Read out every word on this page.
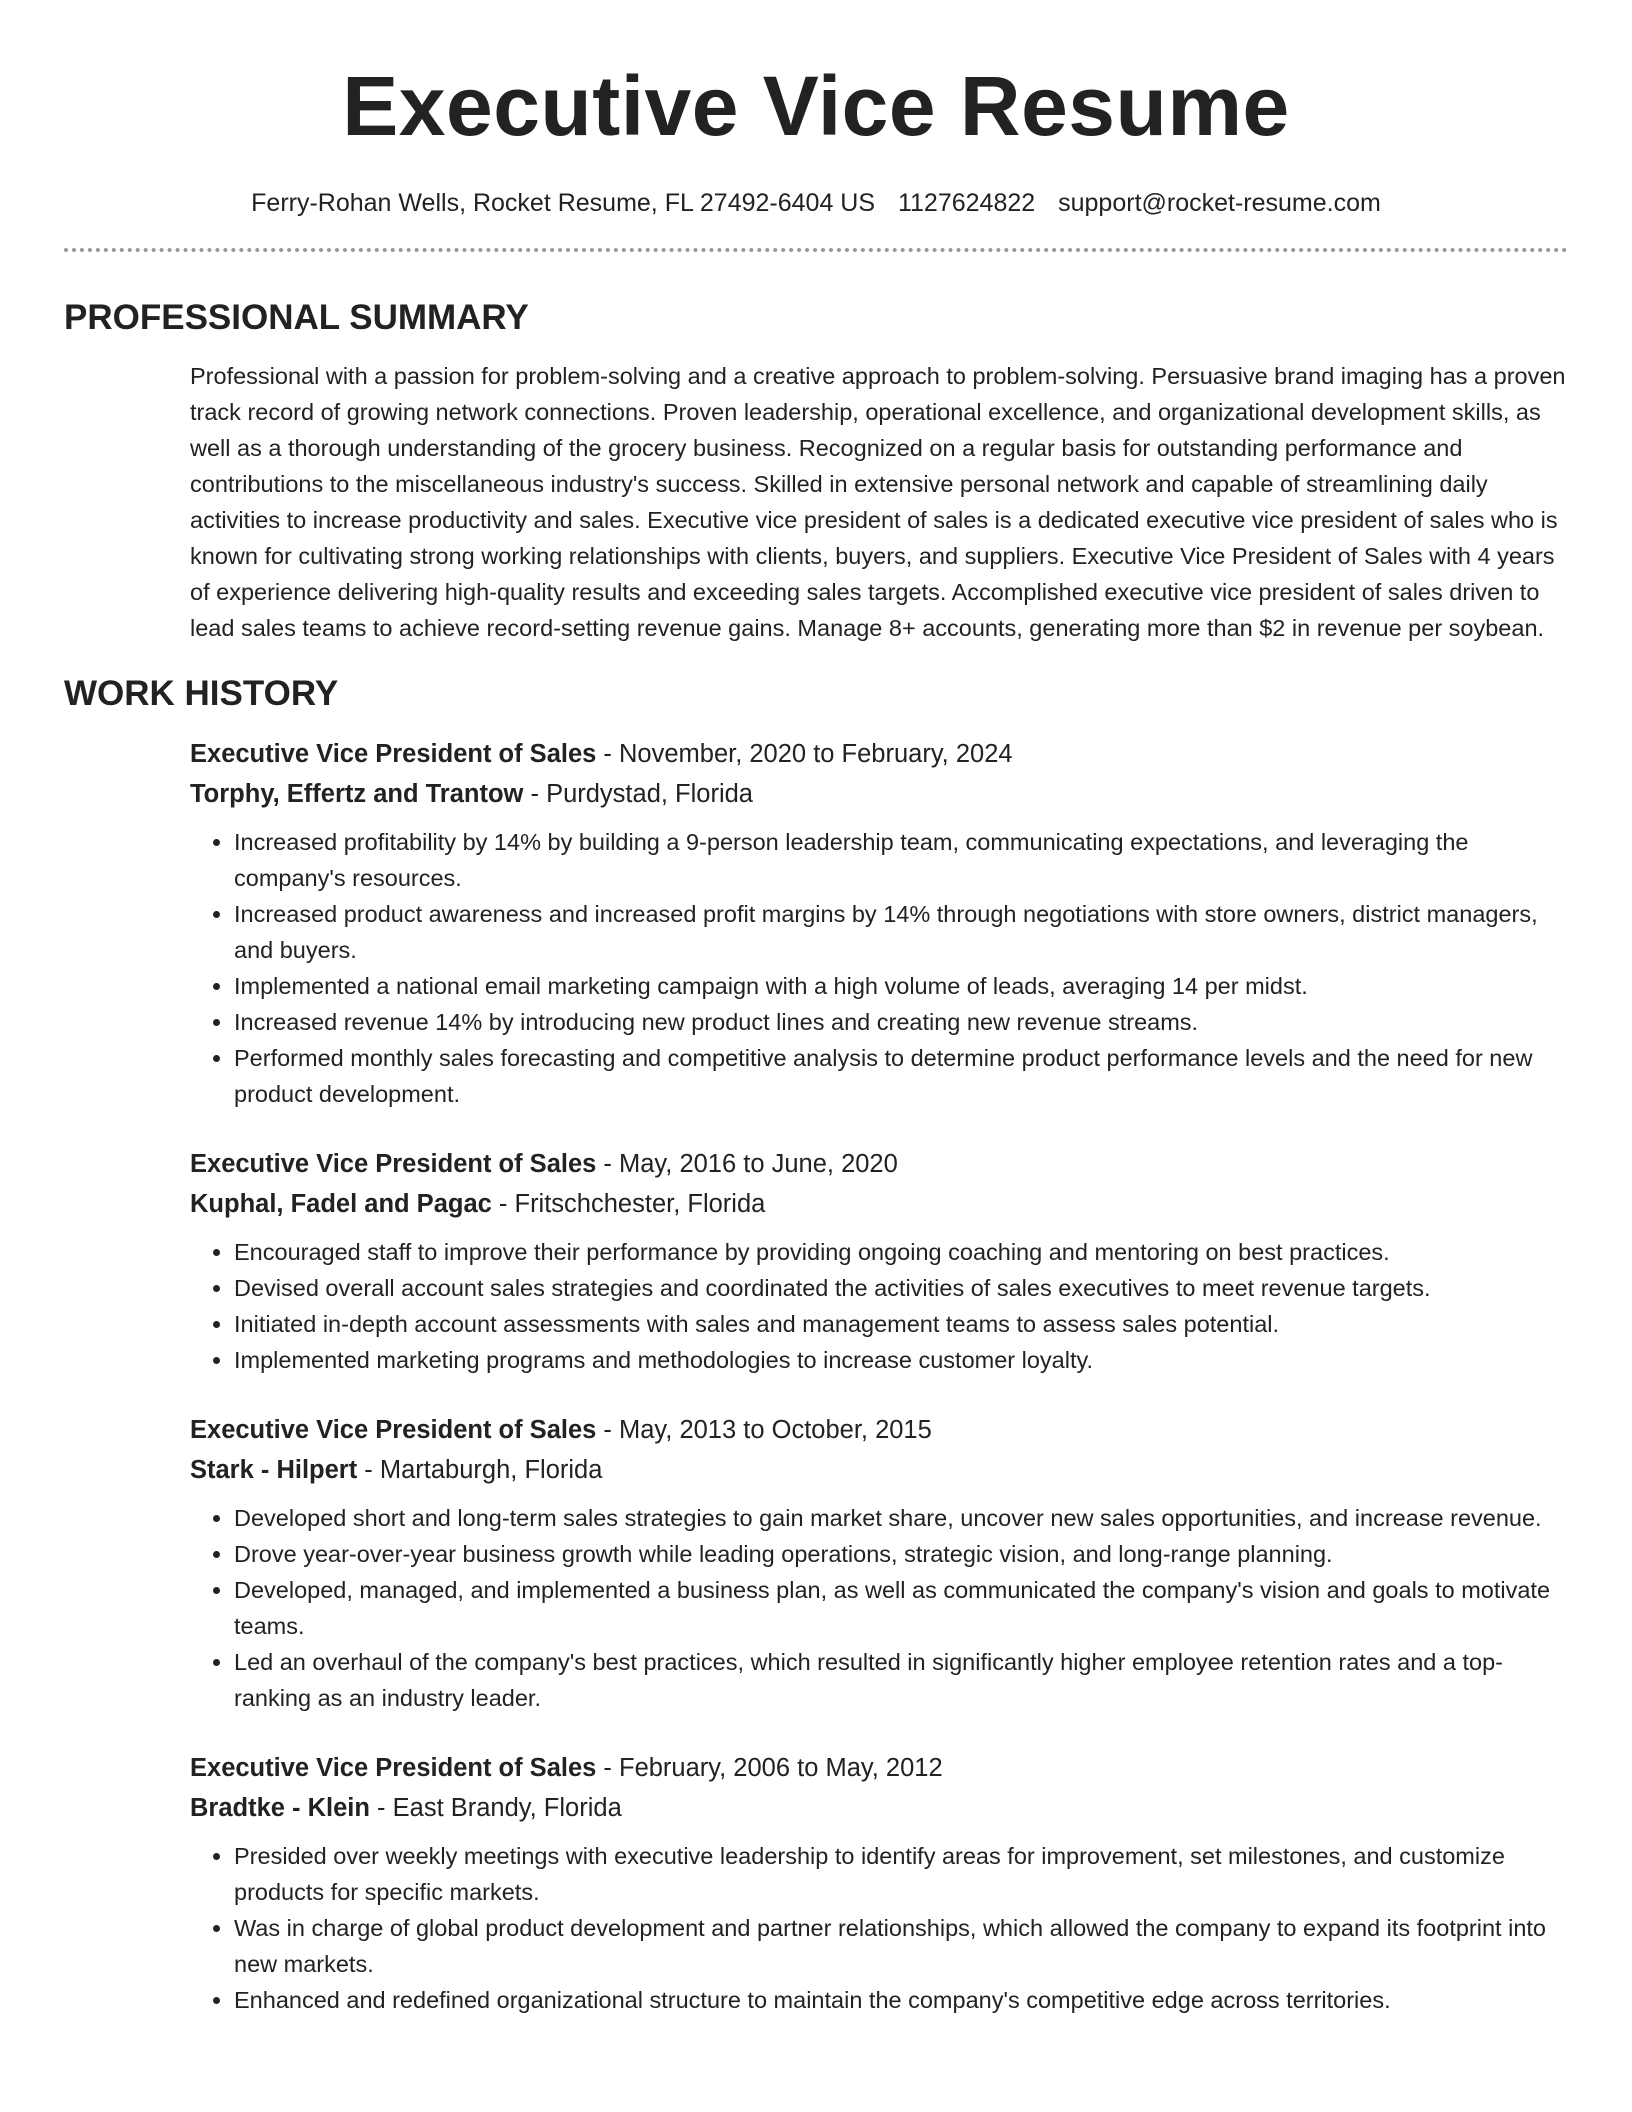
Executive Vice Resume
Ferry-Rohan Wells, Rocket Resume, FL 27492-6404 US 1127624822 support@rocket-resume.com
PROFESSIONAL SUMMARY

Professional with a passion for problem-solving and a creative approach to problem-solving. Persuasive brand imaging has a proven track record of growing network connections. Proven leadership, operational excellence, and organizational development skills, as well as a thorough understanding of the grocery business. Recognized on a regular basis for outstanding performance and contributions to the miscellaneous industry's success. Skilled in extensive personal network and capable of streamlining daily activities to increase productivity and sales. Executive vice president of sales is a dedicated executive vice president of sales who is known for cultivating strong working relationships with clients, buyers, and suppliers. Executive Vice President of Sales with 4 years of experience delivering high-quality results and exceeding sales targets. Accomplished executive vice president of sales driven to lead sales teams to achieve record-setting revenue gains. Manage 8+ accounts, generating more than $2 in revenue per soybean.

WORK HISTORY
Executive Vice President of Sales - November, 2020 to February, 2024
Torphy, Effertz and Trantow - Purdystad, Florida
• Increased profitability by 14% by building a 9-person leadership team, communicating expectations, and leveraging the company's resources.
• Increased product awareness and increased profit margins by 14% through negotiations with store owners, district managers, and buyers.
• Implemented a national email marketing campaign with a high volume of leads, averaging 14 per midst.
• Increased revenue 14% by introducing new product lines and creating new revenue streams.
• Performed monthly sales forecasting and competitive analysis to determine product performance levels and the need for new product development.
Executive Vice President of Sales - May, 2016 to June, 2020
Kuphal, Fadel and Pagac - Fritschchester, Florida
• Encouraged staff to improve their performance by providing ongoing coaching and mentoring on best practices.
• Devised overall account sales strategies and coordinated the activities of sales executives to meet revenue targets.
• Initiated in-depth account assessments with sales and management teams to assess sales potential.
• Implemented marketing programs and methodologies to increase customer loyalty.
Executive Vice President of Sales - May, 2013 to October, 2015
Stark - Hilpert - Martaburgh, Florida
• Developed short and long-term sales strategies to gain market share, uncover new sales opportunities, and increase revenue.
• Drove year-over-year business growth while leading operations, strategic vision, and long-range planning.
• Developed, managed, and implemented a business plan, as well as communicated the company's vision and goals to motivate teams.
• Led an overhaul of the company's best practices, which resulted in significantly higher employee retention rates and a top-ranking as an industry leader.
Executive Vice President of Sales - February, 2006 to May, 2012
Bradtke - Klein - East Brandy, Florida
• Presided over weekly meetings with executive leadership to identify areas for improvement, set milestones, and customize products for specific markets.
• Was in charge of global product development and partner relationships, which allowed the company to expand its footprint into new markets.
• Enhanced and redefined organizational structure to maintain the company's competitive edge across territories.
